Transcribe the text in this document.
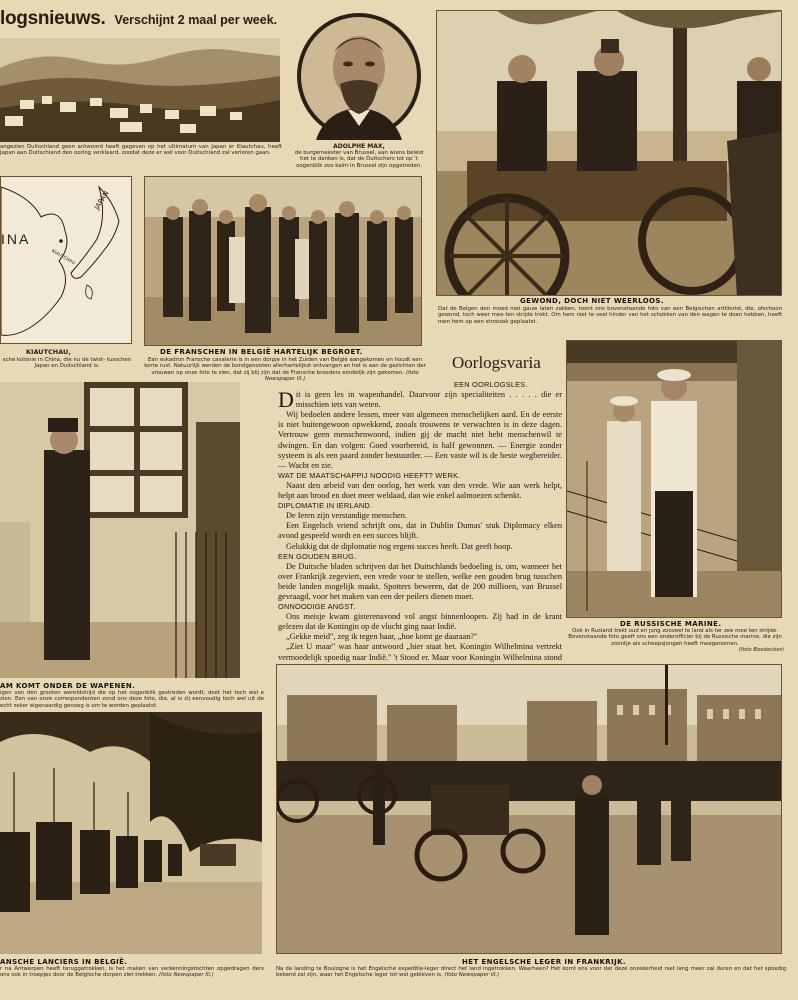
logsnieuws. Verschijnt 2 maal per week.
angezien Duitschland geen antwoord heeft gegeven op het ultimatum van Japan er Kiautchau, heeft Japan aan Duitschland den oorlog verklaard, zoodat deze er wel voor Duitschland zal verloren gaan.
ADOLPHE MAX,
de burgemeester van Brussel, aan wiens beleid het te danken is, dat de Duitschers tot op 't oogenblik zoo kalm in Brussel zijn opgetreden.
GEWOND, DOCH NIET WEERLOOS.
Dat de Belgen den moed niet gauw laten zakken, toont ons bovenstaande foto van een Belgischen artillerist, die, ofschoon gewond, toch weer mee ten strijde trekt. Om hem niet te veel hinder van het schokken van den wagen te doen hebben, heeft men hem op een stroozak geplaatst.
INA
KIAUTCHAU
JAPAN
KIAUTCHAU,
sche kolonie in China, die nu de twist- tusschen Japan en Duitschland is.
DE FRANSCHEN IN BELGIË HARTELIJK BEGROET.
Een eskadron Fransche cavalerie is in een dorpje in het Zuiden van België aangekomen en houdt een korte rust. Natuurlijk werden de bondgenooten allerhartelijkst ontvangen en het is aan de gezichten der vrouwen op onze foto te zien, dat zij blij zijn dat de Fransche broeders eindelijk zijn gekomen. (foto Newspaper Ill.)
AM KOMT ONDER DE WAPENEN.
igen van den grooten wereldstrijd die op het oogenblik gestreden wordt, doet het toch wel e zien. Een van onze correspondenten zond ons deze foto, die, al is zij eenvoudig toch wel uit de echt zeker eigenaardig genoeg is om te worden geplaatst.
Oorlogsvaria
EEN OORLOGSLES.

Dit is geen les in wapenhandel. Daarvoor zijn specialiteiten . . . . . die er misschien iets van weten.

Wij bedoelen andere lessen, meer van algemeen menschelijken aard. En de eerste is niet buitengewoon opwekkend, zooals trouwens te verwachten is in deze dagen. Vertrouw geen menschenwoord, indien gij de macht niet hebt menschenwil te dwingen. En dan volgen: Goed voorbereid, is half gewonnen. — Energie zonder systeem is als een paard zonder bestuurder. — Een vaste wil is de beste wegbereider. — Wacht en zie.

WAT DE MAATSCHAPPIJ NOODIG HEEFT? WERK.

Naast den arbeid van den oorlog, het werk van den vrede. Wie aan werk helpt, helpt aan brood en doet meer weldaad, dan wie enkel aalmoezen schenkt.

DIPLOMATIE IN IERLAND.

De Ieren zijn verstandige menschen.

Een Engelsch vriend schrijft ons, dat in Dublin Dumas' stuk Diplomacy elken avond gespeeld wordt en een succes blijft.

Gelukkig dat de diplomatie nog ergens succes heeft. Dat geeft hoop.

EEN GOUDEN BRUG.

De Duitsche bladen schrijven dat het Duitschlands bedoeling is, om, wanneer het over Frankrijk zegeviert, een vrede voor te stellen, welke een gouden brug tusschen beide landen mogelijk maakt. Spotters beweren, dat de 200 millioen, van Brussel gevraagd, voor het maken van een der peilers dienen moet.

ONNOODIGE ANGST.

Ons meisje kwam gisterenavond vol angst binnenloopen. Zij had in de krant gelezen dat de Koningin op de vlucht ging naar Indië.

„Gekke meid", zeg ik tegen haar, „hoe komt ge daaraan?"

„Ziet U maar" was haar antwoord „hier staat het. Koningin Wilhelmina vertrekt vermoedelijk spoedig naar Indië." 't Stond er. Maar voor Koningin Wilhelmina stond

DE RUSSISCHE MARINE.
Ook in Rusland trekt oud en jong zooveel te land als ter zee mee ten strijde. Bovenstaande foto geeft ons een onderofficier bij de Russische marine, die zijn zoontje als scheepsjongen heeft meegenomen.
(foto Boedecker)
ANSCHE LANCIERS IN BELGIË.
r na Antwerpen heeft teruggetrokken, is het maken van verkenningstochten opgedragen ders ons ook in troepjes door de Belgische dorpen ziet trekken. (foto Newspaper Ill.)
HET ENGELSCHE LEGER IN FRANKRIJK.
Na de landing te Boulogne is het Engelsche expeditie-leger direct het land ingetrokken. Waarheen? Het komt ons voor dat deze onzekerheid niet lang meer zal duren en dat het spoedig bekend zal zijn, waar het Engelsche leger tot wel gebleven is. (foto Newspaper Ill.)
